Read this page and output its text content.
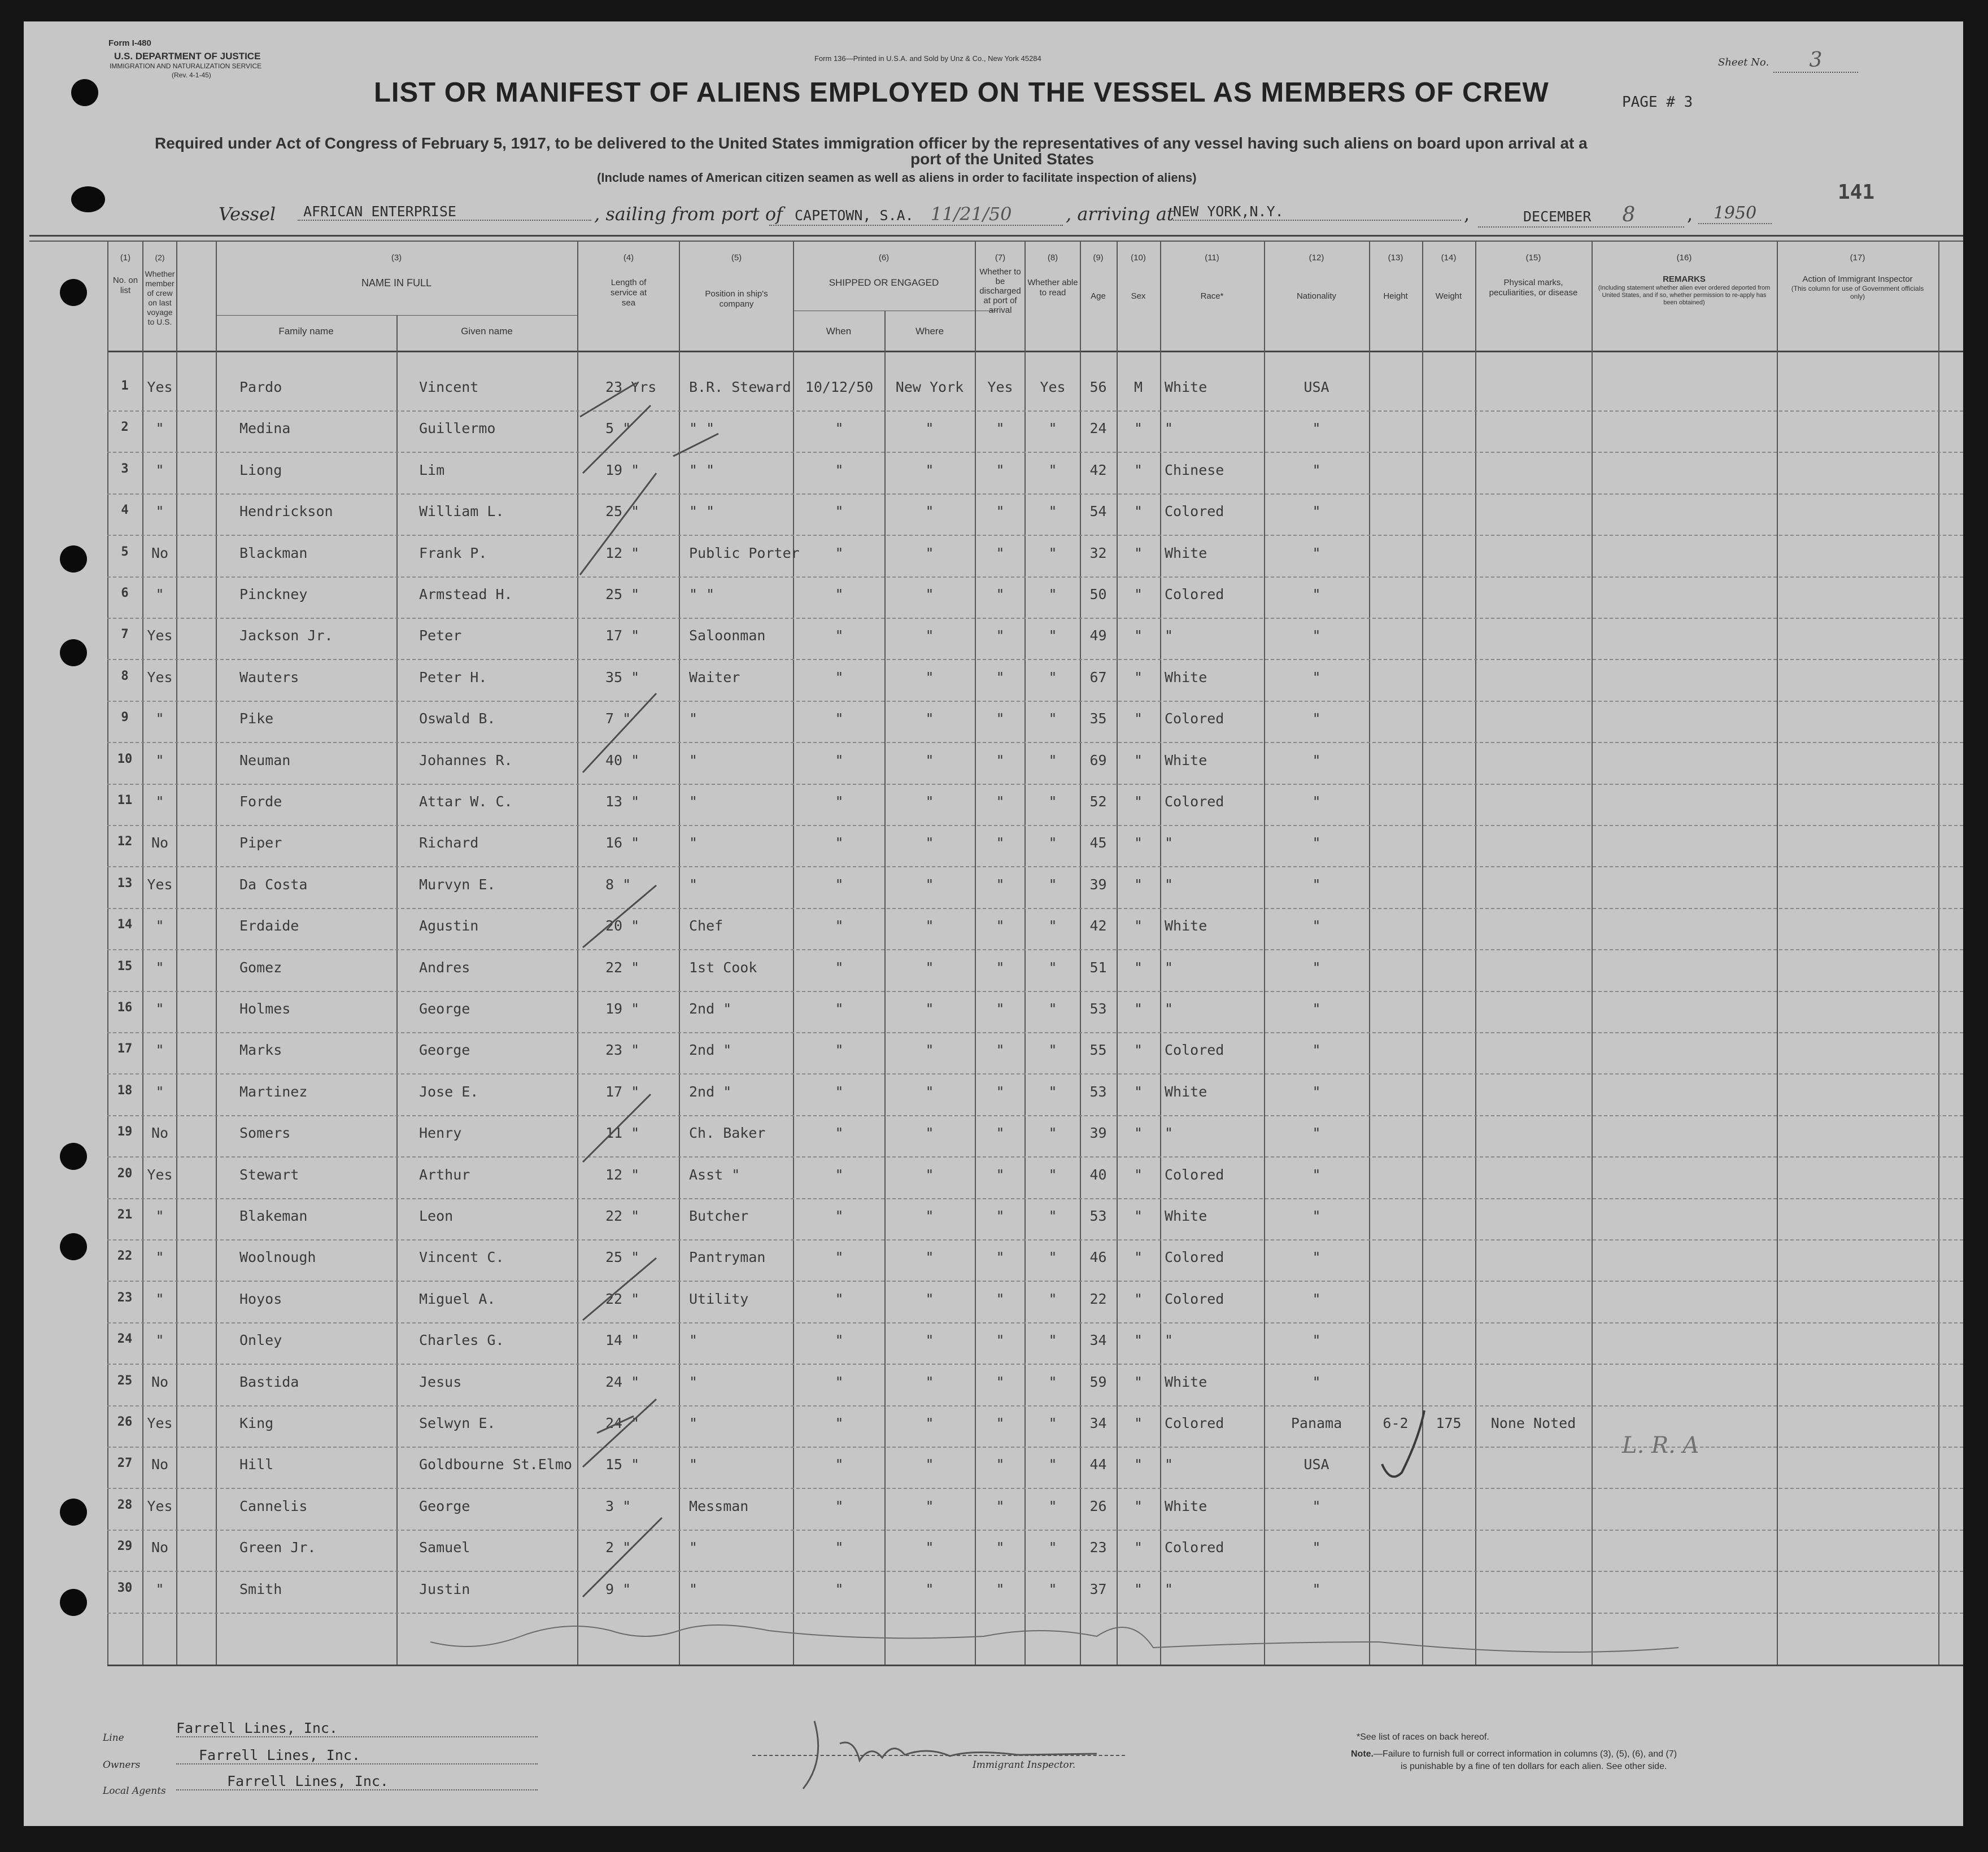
Form I-480
U.S. DEPARTMENT OF JUSTICE
IMMIGRATION AND NATURALIZATION SERVICE
(Rev. 4-1-45)
Form 136—Printed in U.S.A. and Sold by Unz & Co., New York 45284	Sheet No.	3
LIST OR MANIFEST OF ALIENS EMPLOYED ON THE VESSEL AS MEMBERS OF CREW	PAGE # 3
Required under Act of Congress of February 5, 1917, to be delivered to the United States immigration officer by the representatives of any vessel having such aliens on board upon arrival at a
port of the United States
(Include names of American citizen seamen as well as aliens in order to facilitate inspection of aliens)
141
Vessel	AFRICAN ENTERPRISE	, sailing from port of CAPETOWN, S.A. 11/21/50	, arriving at
NEW YORK,N.Y.	,	DECEMBER 8	,	1950
(1)
No. on list
(2)
Whether member of crew on last voyage to U.S.
(3)
NAME IN FULL
Family name	Given name
(4)
Length of service at sea
(5)
Position in ship's company
(6)
SHIPPED OR ENGAGED
When	Where
(7)
Whether to be discharged at port of arrival
(8)
Whether able to read
(9)
Age
(10)
Sex
(11)
Race*
(12)
Nationality
(13)
Height
(14)
Weight
(15)
Physical marks, peculiarities, or disease
(16)
REMARKS
(Including statement whether alien ever ordered deported from United States, and if so, whether permission to re-apply has been obtained)
(17)
Action of Immigrant Inspector
(This column for use of Government officials only)
1	Yes	Pardo	Vincent	23 Yrs	B.R. Steward	10/12/50	New York	Yes	Yes	56	M	White	USA
2	"	Medina	Guillermo	5 "	" "	"	"	"	"	24	"	"	"
3	"	Liong	Lim	19 "	" "	"	"	"	"	42	"	Chinese	"
4	"	Hendrickson	William L.	25 "	" "	"	"	"	"	54	"	Colored	"
5	No	Blackman	Frank P.	12 "	Public Porter	"	"	"	"	32	"	White	"
6	"	Pinckney	Armstead H.	25 "	" "	"	"	"	"	50	"	Colored	"
7	Yes	Jackson Jr.	Peter	17 "	Saloonman	"	"	"	"	49	"	"	"
8	Yes	Wauters	Peter H.	35 "	Waiter	"	"	"	"	67	"	White	"
9	"	Pike	Oswald B.	7 "	"	"	"	"	"	35	"	Colored	"
10	"	Neuman	Johannes R.	40 "	"	"	"	"	"	69	"	White	"
11	"	Forde	Attar W. C.	13 "	"	"	"	"	"	52	"	Colored	"
12	No	Piper	Richard	16 "	"	"	"	"	"	45	"	"	"
13	Yes	Da Costa	Murvyn E.	8 "	"	"	"	"	"	39	"	"	"
14	"	Erdaide	Agustin	20 "	Chef	"	"	"	"	42	"	White	"
15	"	Gomez	Andres	22 "	1st Cook	"	"	"	"	51	"	"	"
16	"	Holmes	George	19 "	2nd "	"	"	"	"	53	"	"	"
17	"	Marks	George	23 "	2nd "	"	"	"	"	55	"	Colored	"
18	"	Martinez	Jose E.	17 "	2nd "	"	"	"	"	53	"	White	"
19	No	Somers	Henry	11 "	Ch. Baker	"	"	"	"	39	"	"	"
20	Yes	Stewart	Arthur	12 "	Asst "	"	"	"	"	40	"	Colored	"
21	"	Blakeman	Leon	22 "	Butcher	"	"	"	"	53	"	White	"
22	"	Woolnough	Vincent C.	25 "	Pantryman	"	"	"	"	46	"	Colored	"
23	"	Hoyos	Miguel A.	22 "	Utility	"	"	"	"	22	"	Colored	"
24	"	Onley	Charles G.	14 "	"	"	"	"	"	34	"	"	"
25	No	Bastida	Jesus	24 "	"	"	"	"	"	59	"	White	"
26	Yes	King	Selwyn E.	24 "	"	"	"	"	"	34	"	Colored	Panama	6-2	175	None Noted
27	No	Hill	Goldbourne St.Elmo	15 "	"	"	"	"	"	44	"	"	USA
28	Yes	Cannelis	George	3 "	Messman	"	"	"	"	26	"	White	"
29	No	Green Jr.	Samuel	2 "	"	"	"	"	"	23	"	Colored	"
30	"	Smith	Justin	9 "	"	"	"	"	"	37	"	"	"
L. R. A
Line
Farrell Lines, Inc.
Owners
Farrell Lines, Inc.
Local Agents
Farrell Lines, Inc.
Immigrant Inspector.
*See list of races on back hereof.
Note.—Failure to furnish full or correct information in columns (3), (5), (6), and (7)
is punishable by a fine of ten dollars for each alien. See other side.
